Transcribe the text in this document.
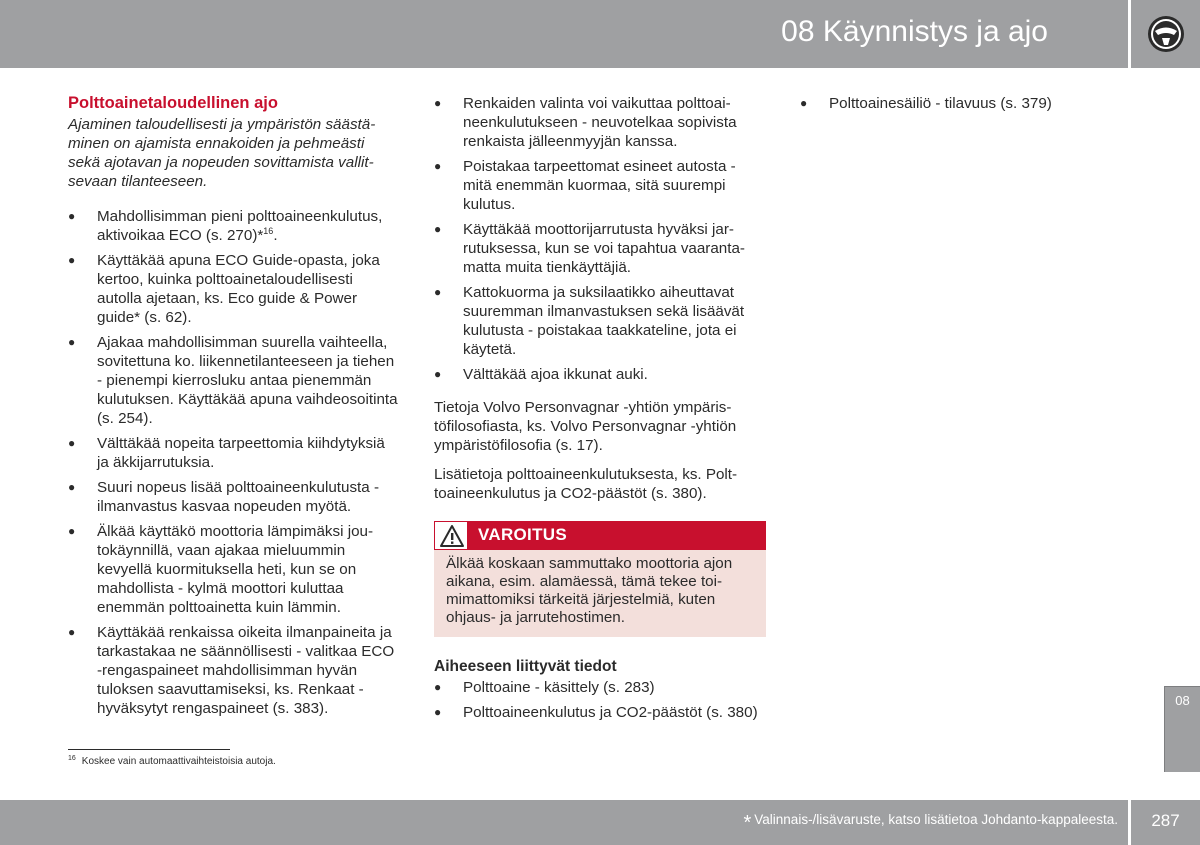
08 Käynnistys ja ajo
Polttoainetaloudellinen ajo
Ajaminen taloudellisesti ja ympäristön säästäminen on ajamista ennakoiden ja pehmeästi sekä ajotavan ja nopeuden sovittamista vallitsevaan tilanteeseen.
● Mahdollisimman pieni polttoaineenkulutus, aktivoikaa ECO (s. 270)*$^{16}$.
● Käyttäkää apuna ECO Guide-opasta, joka kertoo, kuinka polttoainetaloudellisesti autolla ajetaan, ks. Eco guide & Power guide* (s. 62).
● Ajakaa mahdollisimman suurella vaihteella, sovitettuna ko. liikennetilanteeseen ja tiehen - pienempi kierrosluku antaa pienemmän kulutuksen. Käyttäkää apuna vaihdeosoitinta (s. 254).
● Välttäkää nopeita tarpeettomia kiihdytyksiä ja äkkijarrutuksia.
● Suuri nopeus lisää polttoaineenkulutusta - ilmanvastus kasvaa nopeuden myötä.
● Älkää käyttäkö moottoria lämpimäksi joutokäynnillä, vaan ajakaa mieluummin kevyellä kuormituksella heti, kun se on mahdollista - kylmä moottori kuluttaa enemmän polttoainetta kuin lämmin.
● Käyttäkää renkaissa oikeita ilmanpaineita ja tarkastakaa ne säännöllisesti - valitkaa ECO -rengaspaineet mahdollisimman hyvän tuloksen saavuttamiseksi, ks. Renkaat - hyväksytyt rengaspaineet (s. 383).
● Renkaiden valinta voi vaikuttaa polttoaineenkulutukseen - neuvotelkaa sopivista renkaista jälleenmyyjän kanssa.
● Poistakaa tarpeettomat esineet autosta - mitä enemmän kuormaa, sitä suurempi kulutus.
● Käyttäkää moottorijarrutusta hyväksi jarrutuksessa, kun se voi tapahtua vaarantamatta muita tienkäyttäjiä.
● Kattokuorma ja suksilaatikko aiheuttavat suuremman ilmanvastuksen sekä lisäävät kulutusta - poistakaa taakkateline, jota ei käytetä.
● Välttäkää ajoa ikkunat auki.
Tietoja Volvo Personvagnar -yhtiön ympäristöfilosofiasta, ks. Volvo Personvagnar -yhtiön ympäristöfilosofia (s. 17).
Lisätietoja polttoaineenkulutuksesta, ks. Polttoaineenkulutus ja CO2-päästöt (s. 380).
VAROITUS
Älkää koskaan sammuttako moottoria ajon aikana, esim. alamäessä, tämä tekee toimimattomiksi tärkeitä järjestelmiä, kuten ohjaus- ja jarrutehostimen.
Aiheeseen liittyvät tiedot
● Polttoaine - käsittely (s. 283)
● Polttoaineenkulutus ja CO2-päästöt (s. 380)
● Polttoainesäiliö - tilavuus (s. 379)
$^{16}$ Koskee vain automaattivaihteistoisia autoja.
08
* Valinnais-/lisävaruste, katso lisätietoa Johdanto-kappaleesta.	287
